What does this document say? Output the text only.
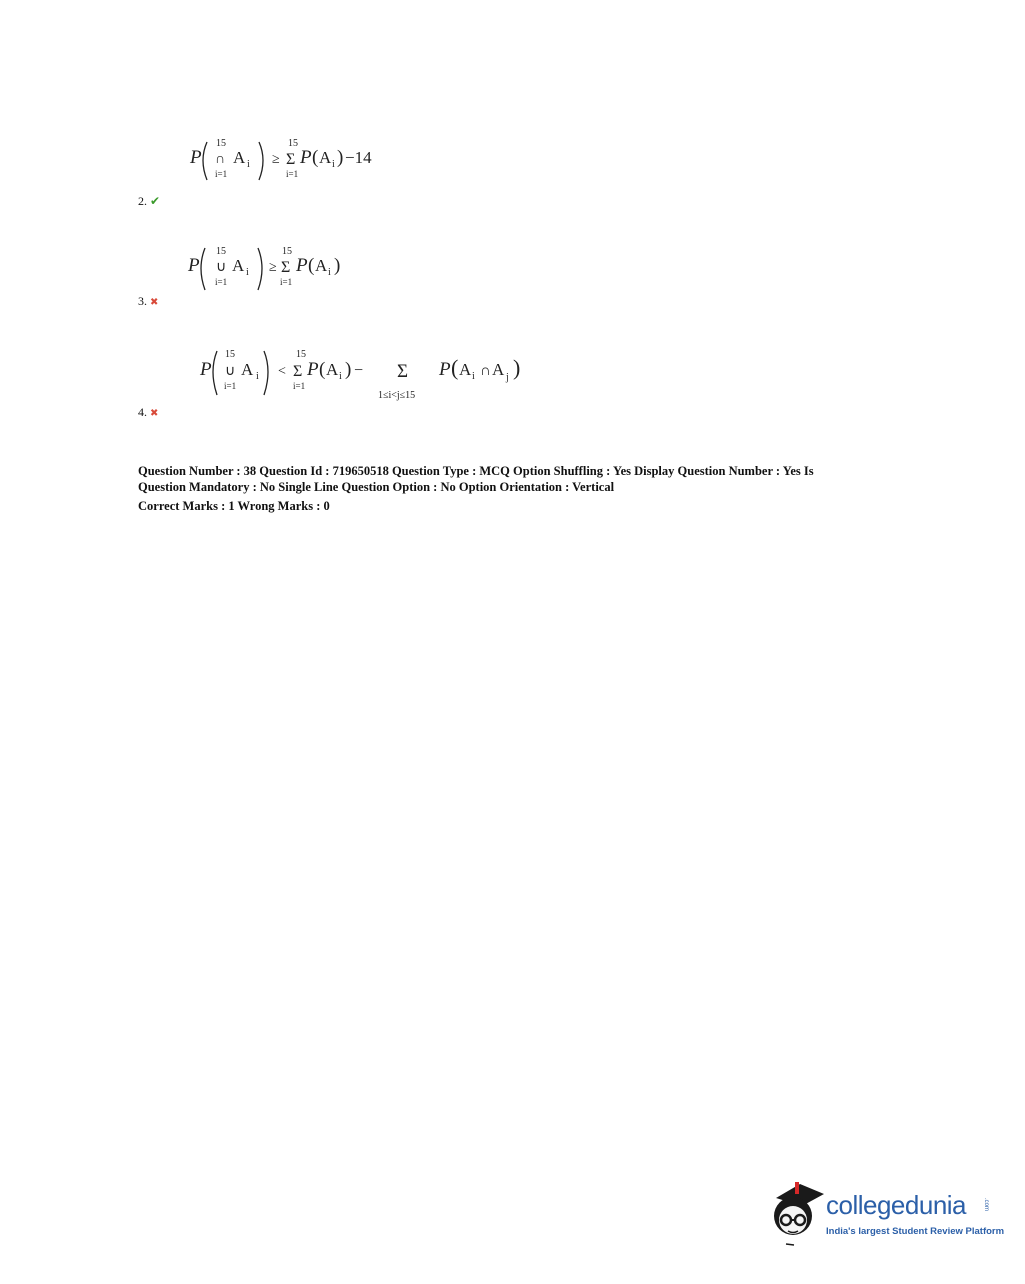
P
15
∩
i=1
A i ≥
15
Σ
i=1
P ( A i ) −14
2. ✔
P
15
∪
i=1
A i ≥
15
Σ
i=1
P ( A i )
3. ✖
P
15
∪
i=1
A i <
15
Σ
i=1
P ( A i ) − Σ
1≤i<j≤15
P ( A i ∩ A j )
4. ✖
Question Number : 38 Question Id : 719650518 Question Type : MCQ Option Shuffling : Yes Display Question Number : Yes Is
Question Mandatory : No Single Line Question Option : No Option Orientation : Vertical
Correct Marks : 1 Wrong Marks : 0
collegedunia	.com
India's largest Student Review Platform
